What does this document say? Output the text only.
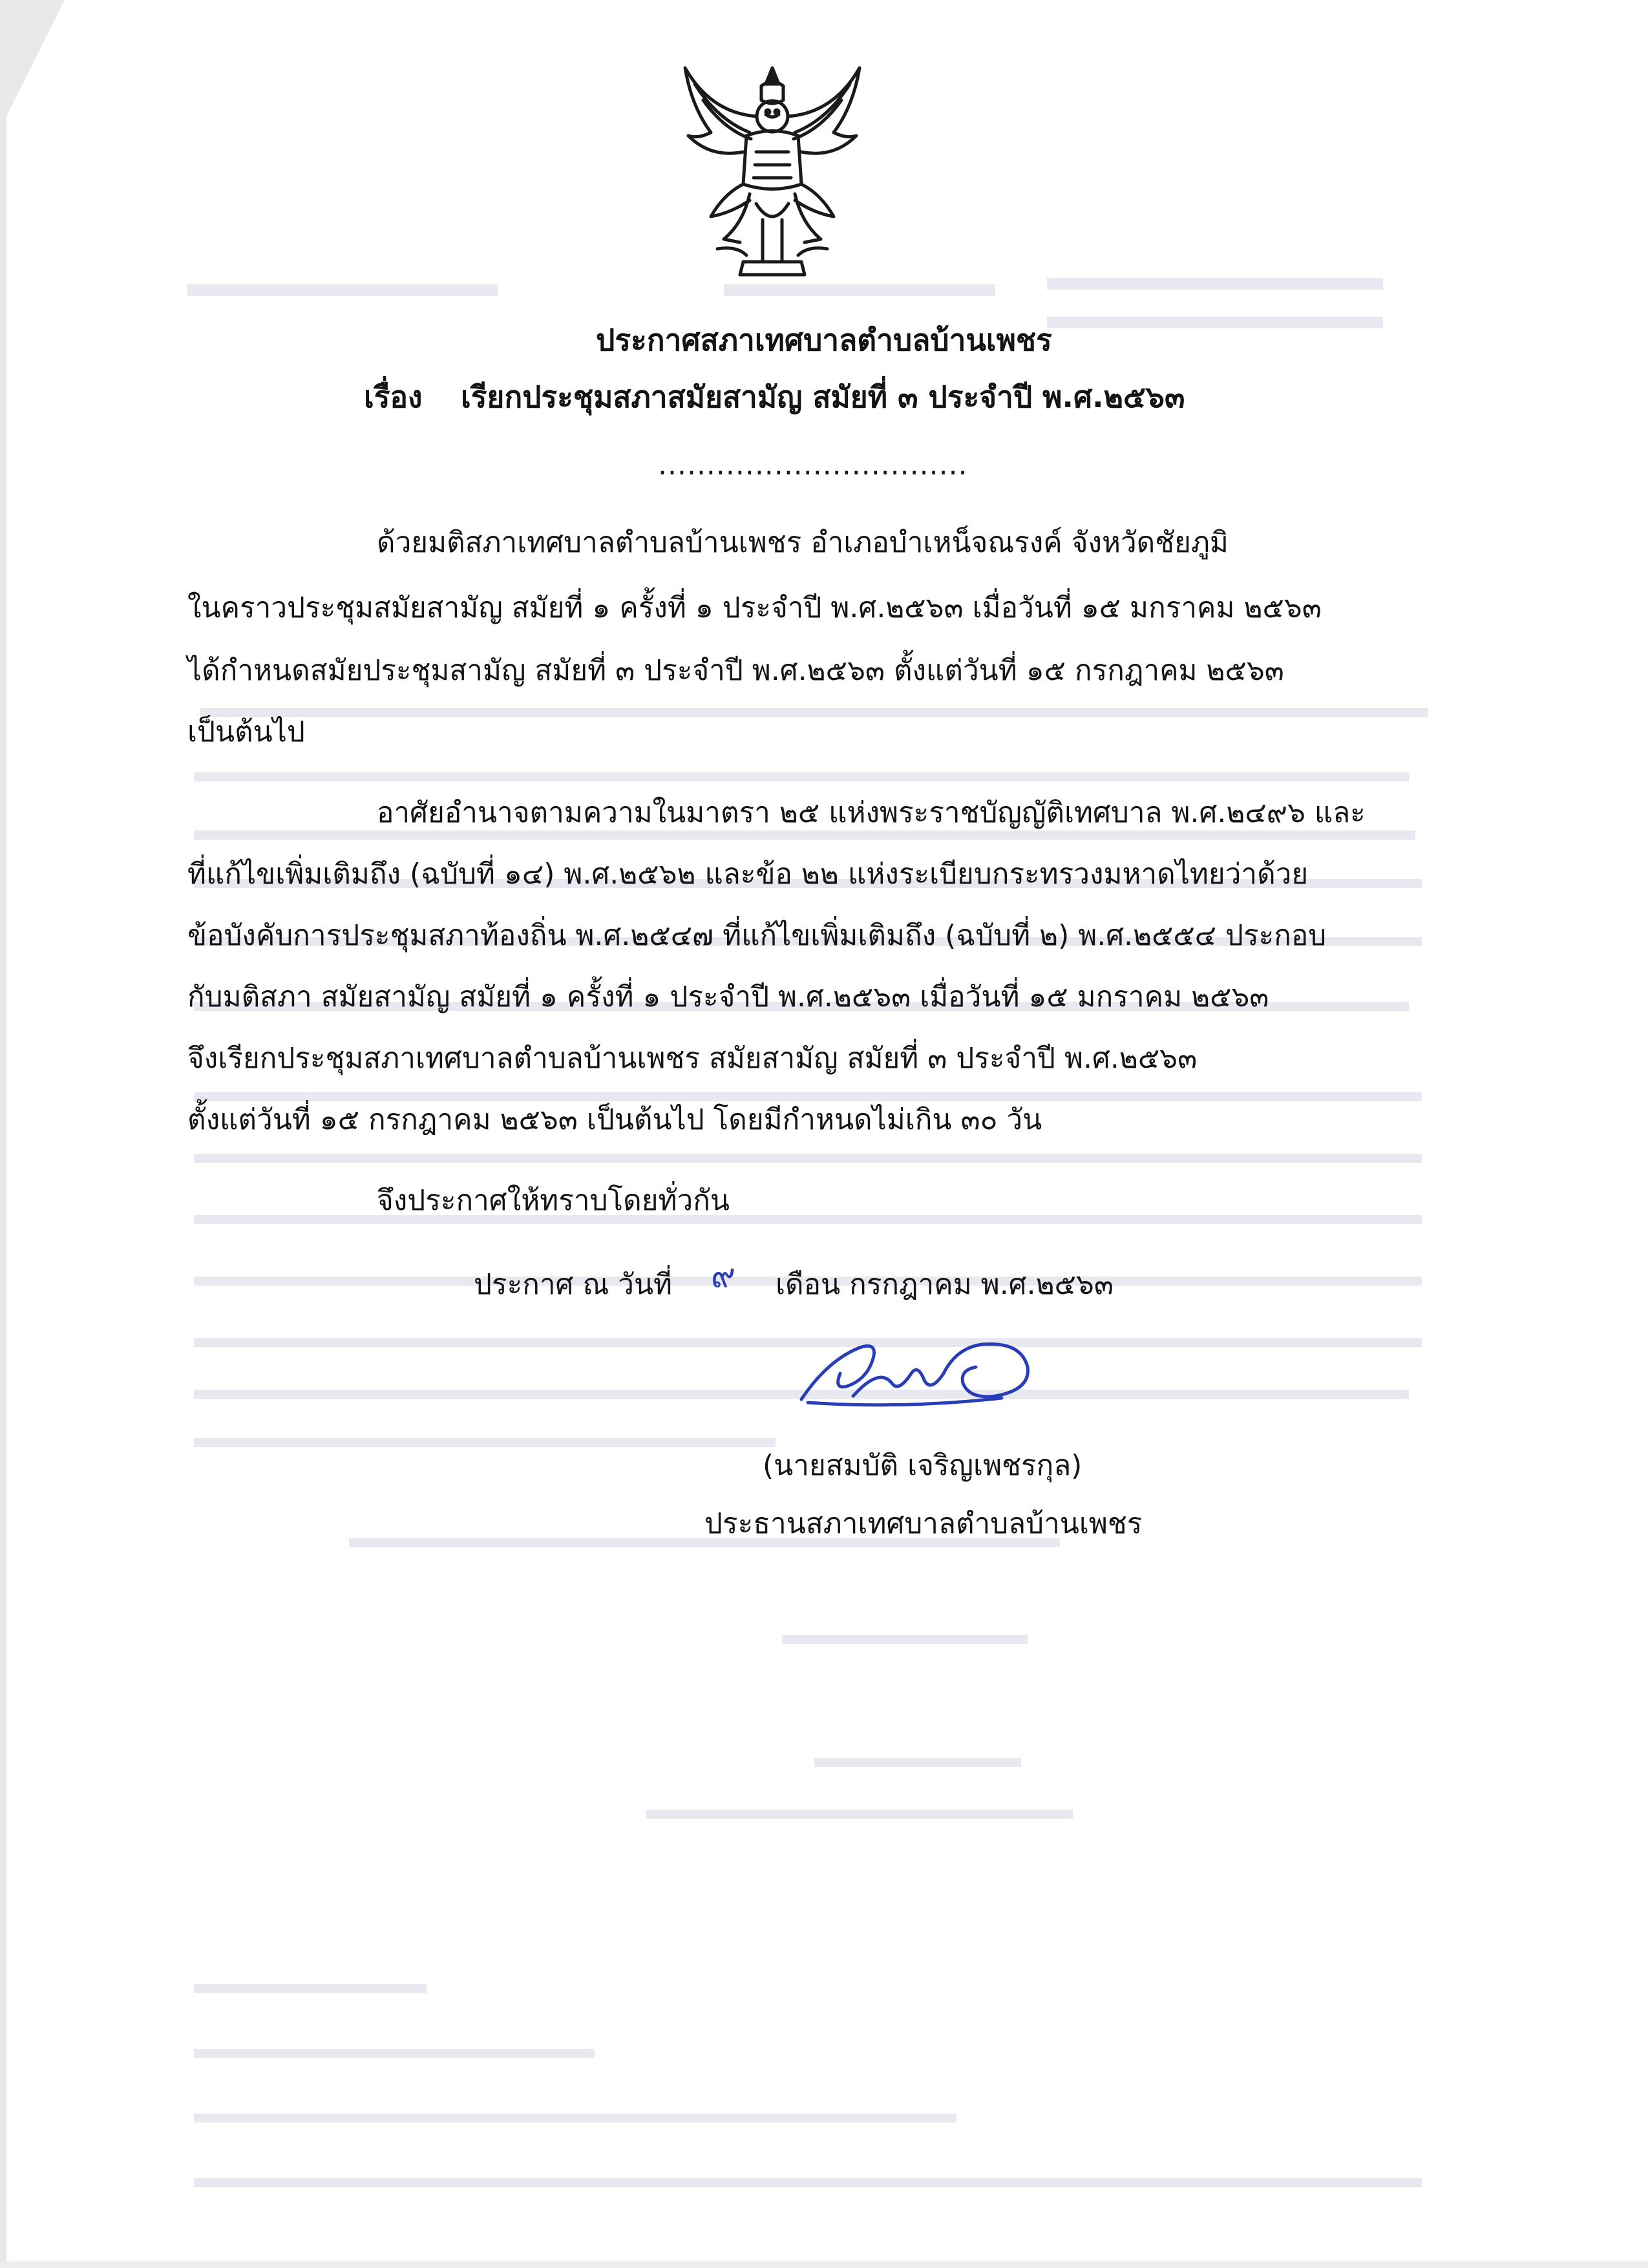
ประกาศสภาเทศบาลตำบลบ้านเพชร
เรื่อง เรียกประชุมสภาสมัยสามัญ สมัยที่ ๓ ประจำปี พ.ศ.๒๕๖๓
................................
ด้วยมติสภาเทศบาลตำบลบ้านเพชร อำเภอบำเหน็จณรงค์ จังหวัดชัยภูมิ
ในคราวประชุมสมัยสามัญ สมัยที่ ๑ ครั้งที่ ๑ ประจำปี พ.ศ.๒๕๖๓ เมื่อวันที่ ๑๕ มกราคม ๒๕๖๓
ได้กำหนดสมัยประชุมสามัญ สมัยที่ ๓ ประจำปี พ.ศ.๒๕๖๓ ตั้งแต่วันที่ ๑๕ กรกฎาคม ๒๕๖๓
เป็นต้นไป
อาศัยอำนาจตามความในมาตรา ๒๕ แห่งพระราชบัญญัติเทศบาล พ.ศ.๒๔๙๖ และ
ที่แก้ไขเพิ่มเติมถึง (ฉบับที่ ๑๔) พ.ศ.๒๕๖๒ และข้อ ๒๒ แห่งระเบียบกระทรวงมหาดไทยว่าด้วย
ข้อบังคับการประชุมสภาท้องถิ่น พ.ศ.๒๕๔๗ ที่แก้ไขเพิ่มเติมถึง (ฉบับที่ ๒) พ.ศ.๒๕๕๔ ประกอบ
กับมติสภา สมัยสามัญ สมัยที่ ๑ ครั้งที่ ๑ ประจำปี พ.ศ.๒๕๖๓ เมื่อวันที่ ๑๕ มกราคม ๒๕๖๓
จึงเรียกประชุมสภาเทศบาลตำบลบ้านเพชร สมัยสามัญ สมัยที่ ๓ ประจำปี พ.ศ.๒๕๖๓
ตั้งแต่วันที่ ๑๕ กรกฎาคม ๒๕๖๓ เป็นต้นไป โดยมีกำหนดไม่เกิน ๓๐ วัน
จึงประกาศให้ทราบโดยทั่วกัน
ประกาศ ณ วันที่ ๙ เดือน กรกฎาคม พ.ศ.๒๕๖๓
(นายสมบัติ เจริญเพชรกุล)
ประธานสภาเทศบาลตำบลบ้านเพชร
